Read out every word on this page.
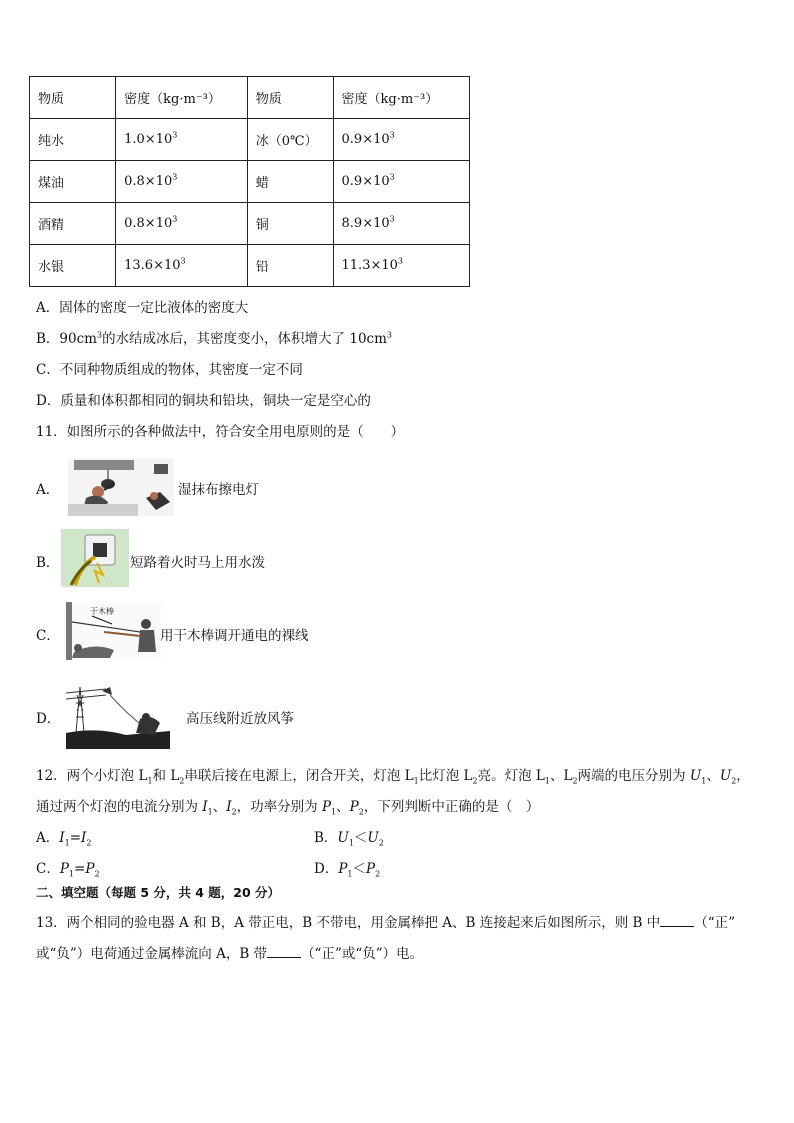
物质	密度（kg·m⁻³）	物质	密度（kg·m⁻³）
纯水	$1.0\times 10^3$	冰（0℃）	$0.9\times 10^3$
煤油	$0.8\times 10^3$	蜡	$0.9\times 10^3$
酒精	$0.8\times 10^3$	铜	$8.9\times 10^3$
水银	$13.6\times 10^3$	铅	$11.3\times 10^3$
A．固体的密度一定比液体的密度大
B．$90cm^3$的水结成冰后，其密度变小，体积增大了 $10cm^3$
C．不同种物质组成的物体，其密度一定不同
D．质量和体积都相同的铜块和铅块，铜块一定是空心的
11．如图所示的各种做法中，符合安全用电原则的是（　　）
A．	湿抹布擦电灯
B．	短路着火时马上用水泼
C．
干木棒
用干木棒调开通电的裸线
D．	高压线附近放风筝
12．两个小灯泡 $L_1$和 $L_2$串联后接在电源上，闭合开关，灯泡 $L_1$比灯泡 $L_2$亮。灯泡 $L_1$、$L_2$两端的电压分别为 $U_1$、$U_2$，
通过两个灯泡的电流分别为 $I_1$、$I_2$，功率分别为 $P_1$、$P_2$，下列判断中正确的是（　）
A．$I_1=I_2$	B．$U_1<U_2$
C．$P_1=P_2$	D．$P_1<P_2$
二、填空题（每题 5 分，共 4 题，20 分）
13．两个相同的验电器 A 和 B，A 带正电，B 不带电，用金属棒把 A、B 连接起来后如图所示，则 B 中	（“正”
或“负”）电荷通过金属棒流向 A，B 带	（“正”或“负”）电。
